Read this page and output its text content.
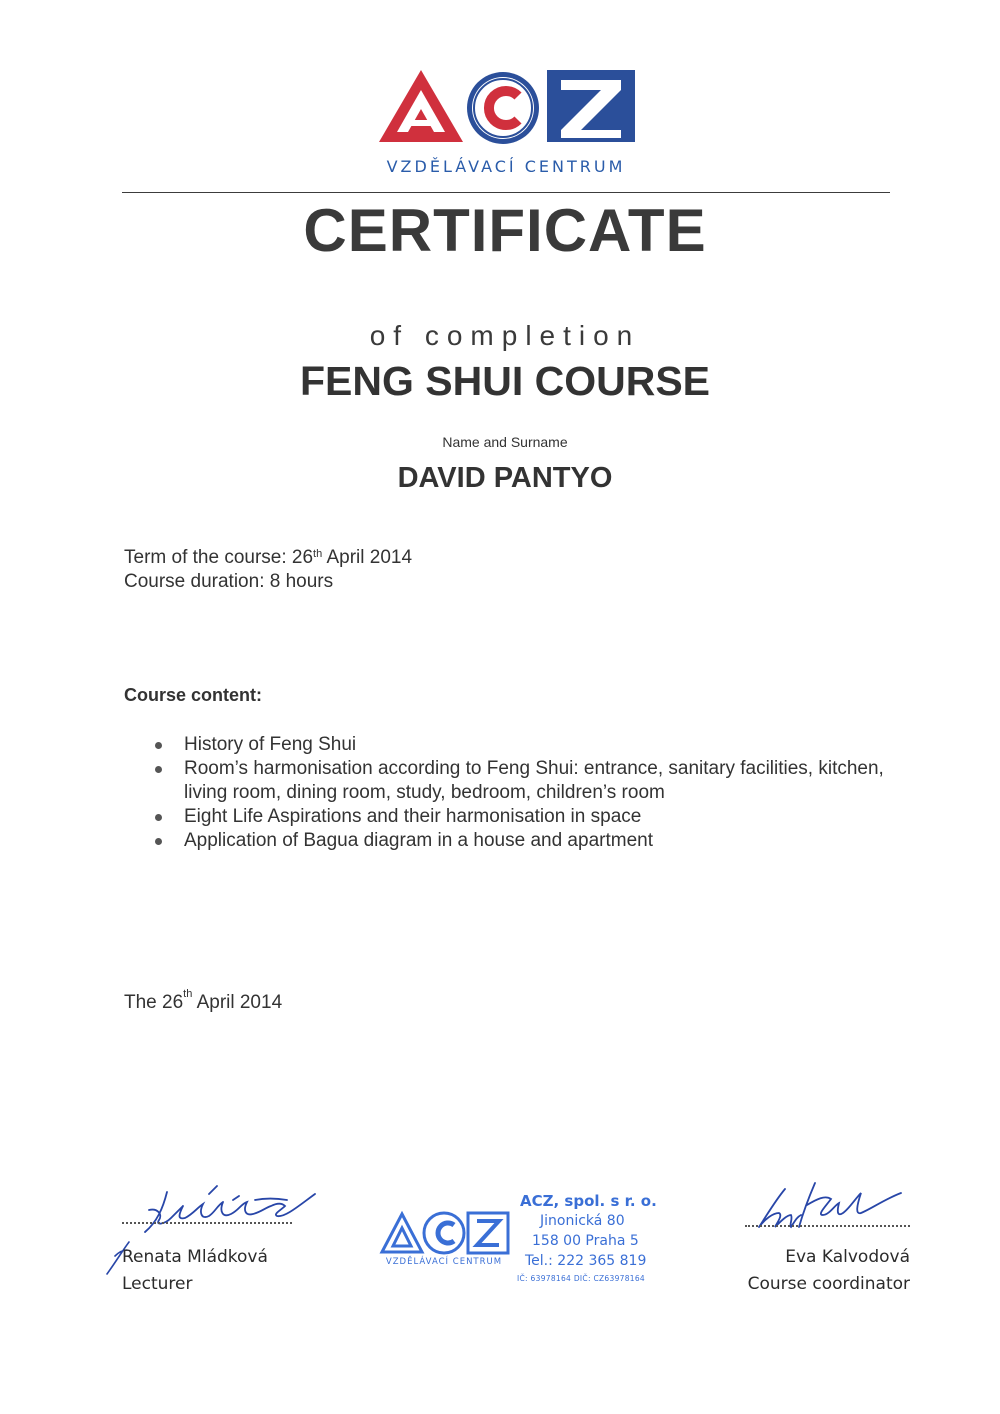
VZDĚLÁVACÍ CENTRUM
CERTIFICATE
of completion
FENG SHUI COURSE
Name and Surname
DAVID PANTYO
Term of the course: 26th April 2014
Course duration: 8 hours
Course content:
History of Feng Shui
Room’s harmonisation according to Feng Shui: entrance, sanitary facilities, kitchen, living room, dining room, study, bedroom, children’s room
Eight Life Aspirations and their harmonisation in space
Application of Bagua diagram in a house and apartment
The 26th April 2014
Renata Mládková
Lecturer
VZDĚLÁVACÍ CENTRUM
ACZ, spol. s r. o.
Jinonická 80
158 00 Praha 5
Tel.: 222 365 819
IČ: 63978164 DIČ: CZ63978164
Eva Kalvodová
Course coordinator
